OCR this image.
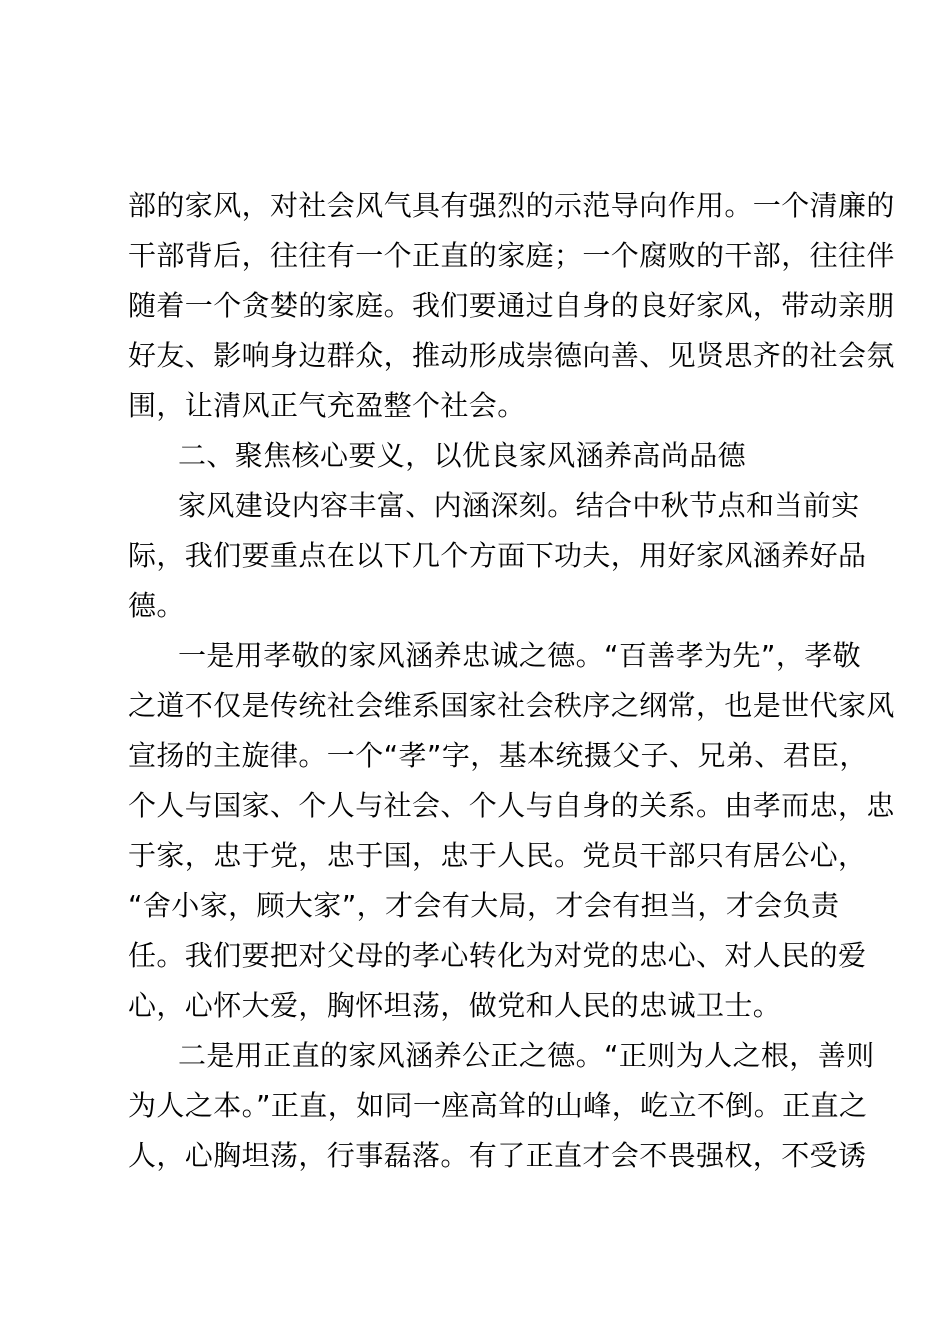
部的家风，对社会风气具有强烈的示范导向作用。一个清廉的
干部背后，往往有一个正直的家庭；一个腐败的干部，往往伴
随着一个贪婪的家庭。我们要通过自身的良好家风，带动亲朋
好友、影响身边群众，推动形成崇德向善、见贤思齐的社会氛
围，让清风正气充盈整个社会。
二、聚焦核心要义，以优良家风涵养高尚品德
家风建设内容丰富、内涵深刻。结合中秋节点和当前实
际，我们要重点在以下几个方面下功夫，用好家风涵养好品
德。
一是用孝敬的家风涵养忠诚之德。“百善孝为先”，孝敬
之道不仅是传统社会维系国家社会秩序之纲常，也是世代家风
宣扬的主旋律。一个“孝”字，基本统摄父子、兄弟、君臣，
个人与国家、个人与社会、个人与自身的关系。由孝而忠，忠
于家，忠于党，忠于国，忠于人民。党员干部只有居公心，
“舍小家，顾大家”，才会有大局，才会有担当，才会负责
任。我们要把对父母的孝心转化为对党的忠心、对人民的爱
心，心怀大爱，胸怀坦荡，做党和人民的忠诚卫士。
二是用正直的家风涵养公正之德。“正则为人之根，善则
为人之本。”正直，如同一座高耸的山峰，屹立不倒。正直之
人，心胸坦荡，行事磊落。有了正直才会不畏强权，不受诱
